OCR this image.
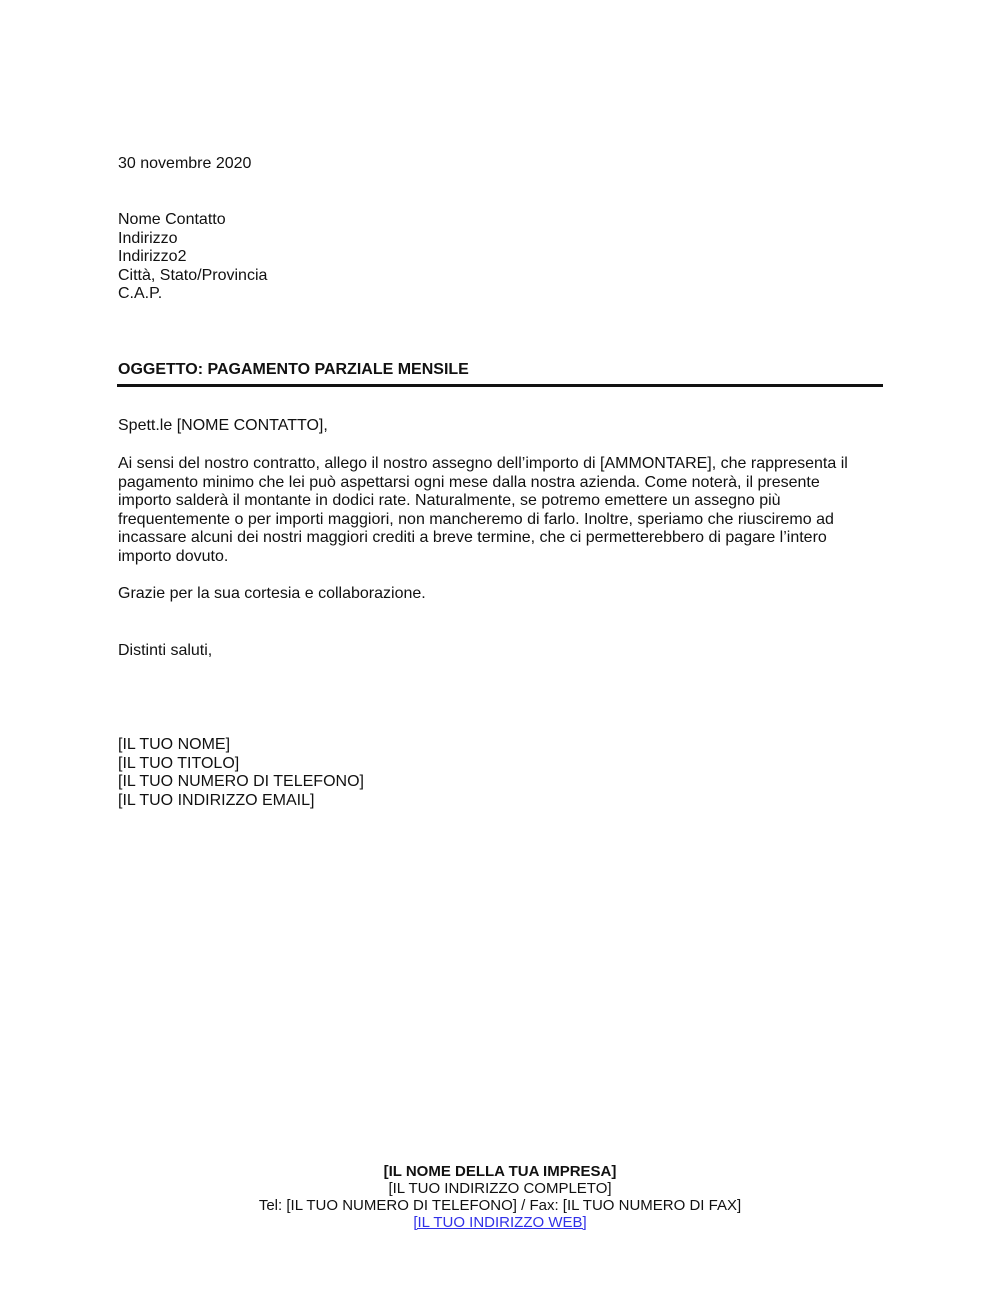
30 novembre 2020
Nome Contatto
Indirizzo
Indirizzo2
Città, Stato/Provincia
C.A.P.
OGGETTO: PAGAMENTO PARZIALE MENSILE
Spett.le [NOME CONTATTO],
Ai sensi del nostro contratto, allego il nostro assegno dell’importo di [AMMONTARE], che rappresenta il
pagamento minimo che lei può aspettarsi ogni mese dalla nostra azienda. Come noterà, il presente
importo salderà il montante in dodici rate. Naturalmente, se potremo emettere un assegno più
frequentemente o per importi maggiori, non mancheremo di farlo. Inoltre, speriamo che riusciremo ad
incassare alcuni dei nostri maggiori crediti a breve termine, che ci permetterebbero di pagare l’intero
importo dovuto.
Grazie per la sua cortesia e collaborazione.
Distinti saluti,
[IL TUO NOME]
[IL TUO TITOLO]
[IL TUO NUMERO DI TELEFONO]
[IL TUO INDIRIZZO EMAIL]
[IL NOME DELLA TUA IMPRESA]
[IL TUO INDIRIZZO COMPLETO]
Tel: [IL TUO NUMERO DI TELEFONO] / Fax: [IL TUO NUMERO DI FAX]
[IL TUO INDIRIZZO WEB]
